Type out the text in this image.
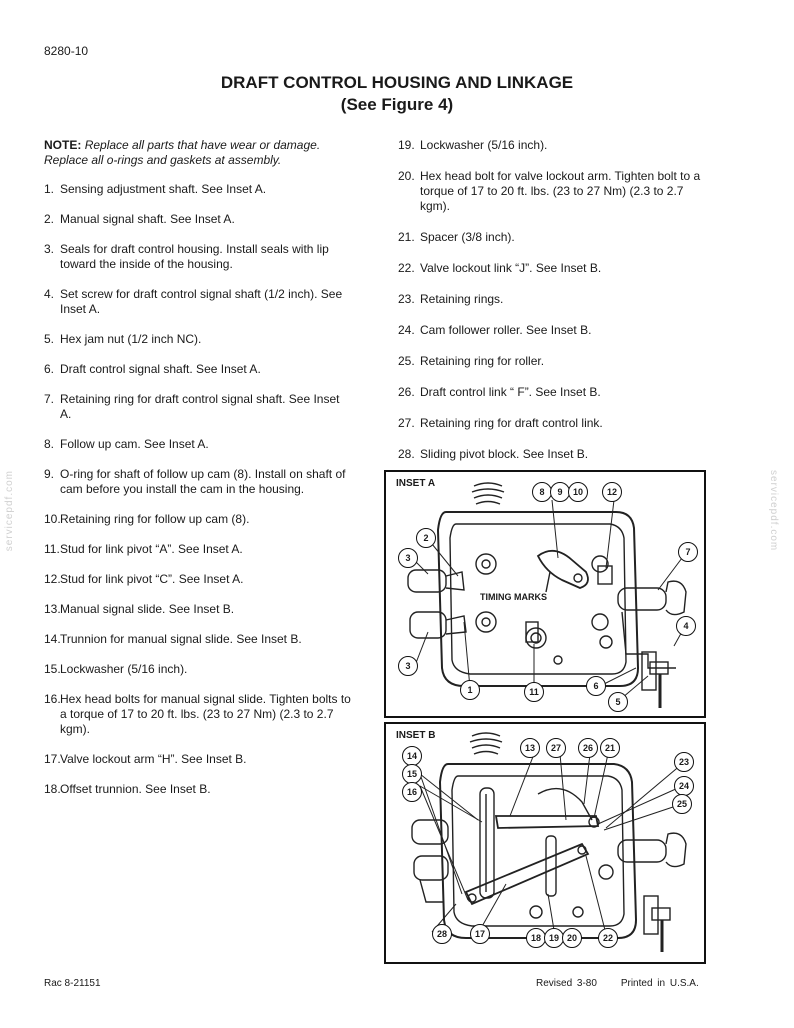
8280-10
DRAFT CONTROL HOUSING AND LINKAGE
(See Figure 4)
servicepdf.com	servicepdf.com

NOTE: Replace all parts that have wear or damage. Replace all o-rings and gaskets at assembly.

1. Sensing adjustment shaft. See Inset A.
2. Manual signal shaft. See Inset A.
3. Seals for draft control housing. Install seals with lip toward the inside of the housing.
4. Set screw for draft control signal shaft (1/2 inch). See Inset A.
5. Hex jam nut (1/2 inch NC).
6. Draft control signal shaft. See Inset A.
7. Retaining ring for draft control signal shaft. See Inset A.
8. Follow up cam. See Inset A.
9. O-ring for shaft of follow up cam (8). Install on shaft of cam before you install the cam in the housing.
10. Retaining ring for follow up cam (8).
11. Stud for link pivot “A”. See Inset A.
12. Stud for link pivot “C”. See Inset A.
13. Manual signal slide. See Inset B.
14. Trunnion for manual signal slide. See Inset B.
15. Lockwasher (5/16 inch).
16. Hex head bolts for manual signal slide. Tighten bolts to a torque of 17 to 20 ft. lbs. (23 to 27 Nm) (2.3 to 2.7 kgm).
17. Valve lockout arm “H”. See Inset B.
18. Offset trunnion. See Inset B.
19. Lockwasher (5/16 inch).
20. Hex head bolt for valve lockout arm. Tighten bolt to a torque of 17 to 20 ft. lbs. (23 to 27 Nm) (2.3 to 2.7 kgm).
21. Spacer (3/8 inch).
22. Valve lockout link “J”. See Inset B.
23. Retaining rings.
24. Cam follower roller. See Inset B.
25. Retaining ring for roller.
26. Draft control link “ F”. See Inset B.
27. Retaining ring for draft control link.
28. Sliding pivot block. See Inset B.
INSET A
TIMING MARKS
8	9	10	12
2
3
7
4
3
1	11
6
5
INSET B
14
15
16
13	27	26	21
23
24
25
28	17	18 19 20	22
Rac 8-21151	Revised 3-80 Printed in U.S.A.
